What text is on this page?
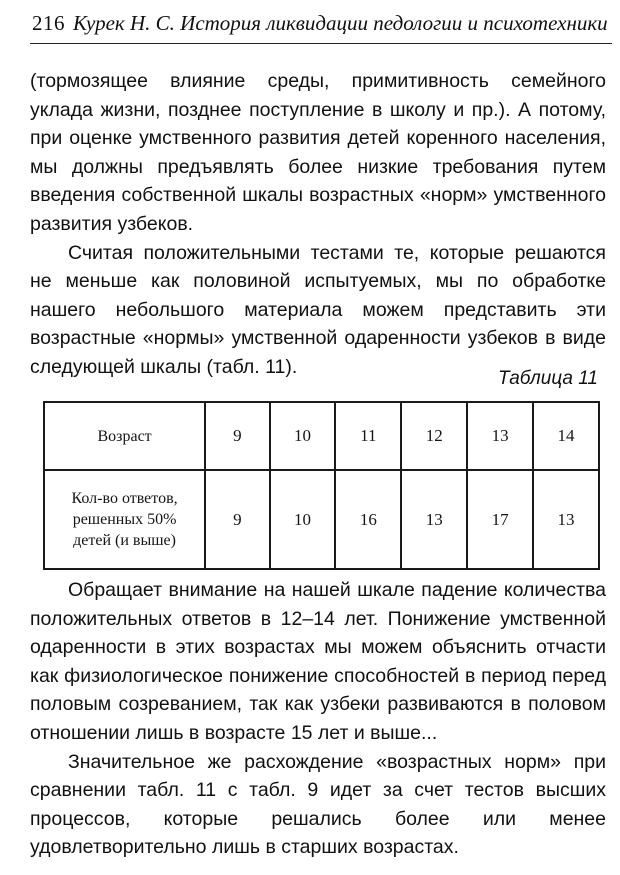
216 Курек Н. С. История ликвидации педологии и психотехники

(тормозящее влияние среды, примитивность семейного уклада жизни, позднее поступление в школу и пр.). А потому, при оценке умственного развития детей коренного населения, мы должны предъявлять более низкие требования путем введения собственной шкалы возрастных «норм» умственного развития узбеков.

Считая положительными тестами те, которые решаются не меньше как половиной испытуемых, мы по обработке нашего небольшого материала можем представить эти возрастные «нормы» умственной одаренности узбеков в виде следующей шкалы (табл. 11).

Таблица 11
Возраст	9	10	11	12	13	14
Кол-во ответов,
решенных 50%
детей (и выше)	9	10	16	13	17	13

Обращает внимание на нашей шкале падение количества положительных ответов в 12–14 лет. Понижение умственной одаренности в этих возрастах мы можем объяснить отчасти как физиологическое понижение способностей в период перед половым созреванием, так как узбеки развиваются в половом отношении лишь в возрасте 15 лет и выше...

Значительное же расхождение «возрастных норм» при сравнении табл. 11 с табл. 9 идет за счет тестов высших процессов, которые решались более или менее удовлетворительно лишь в старших возрастах.
